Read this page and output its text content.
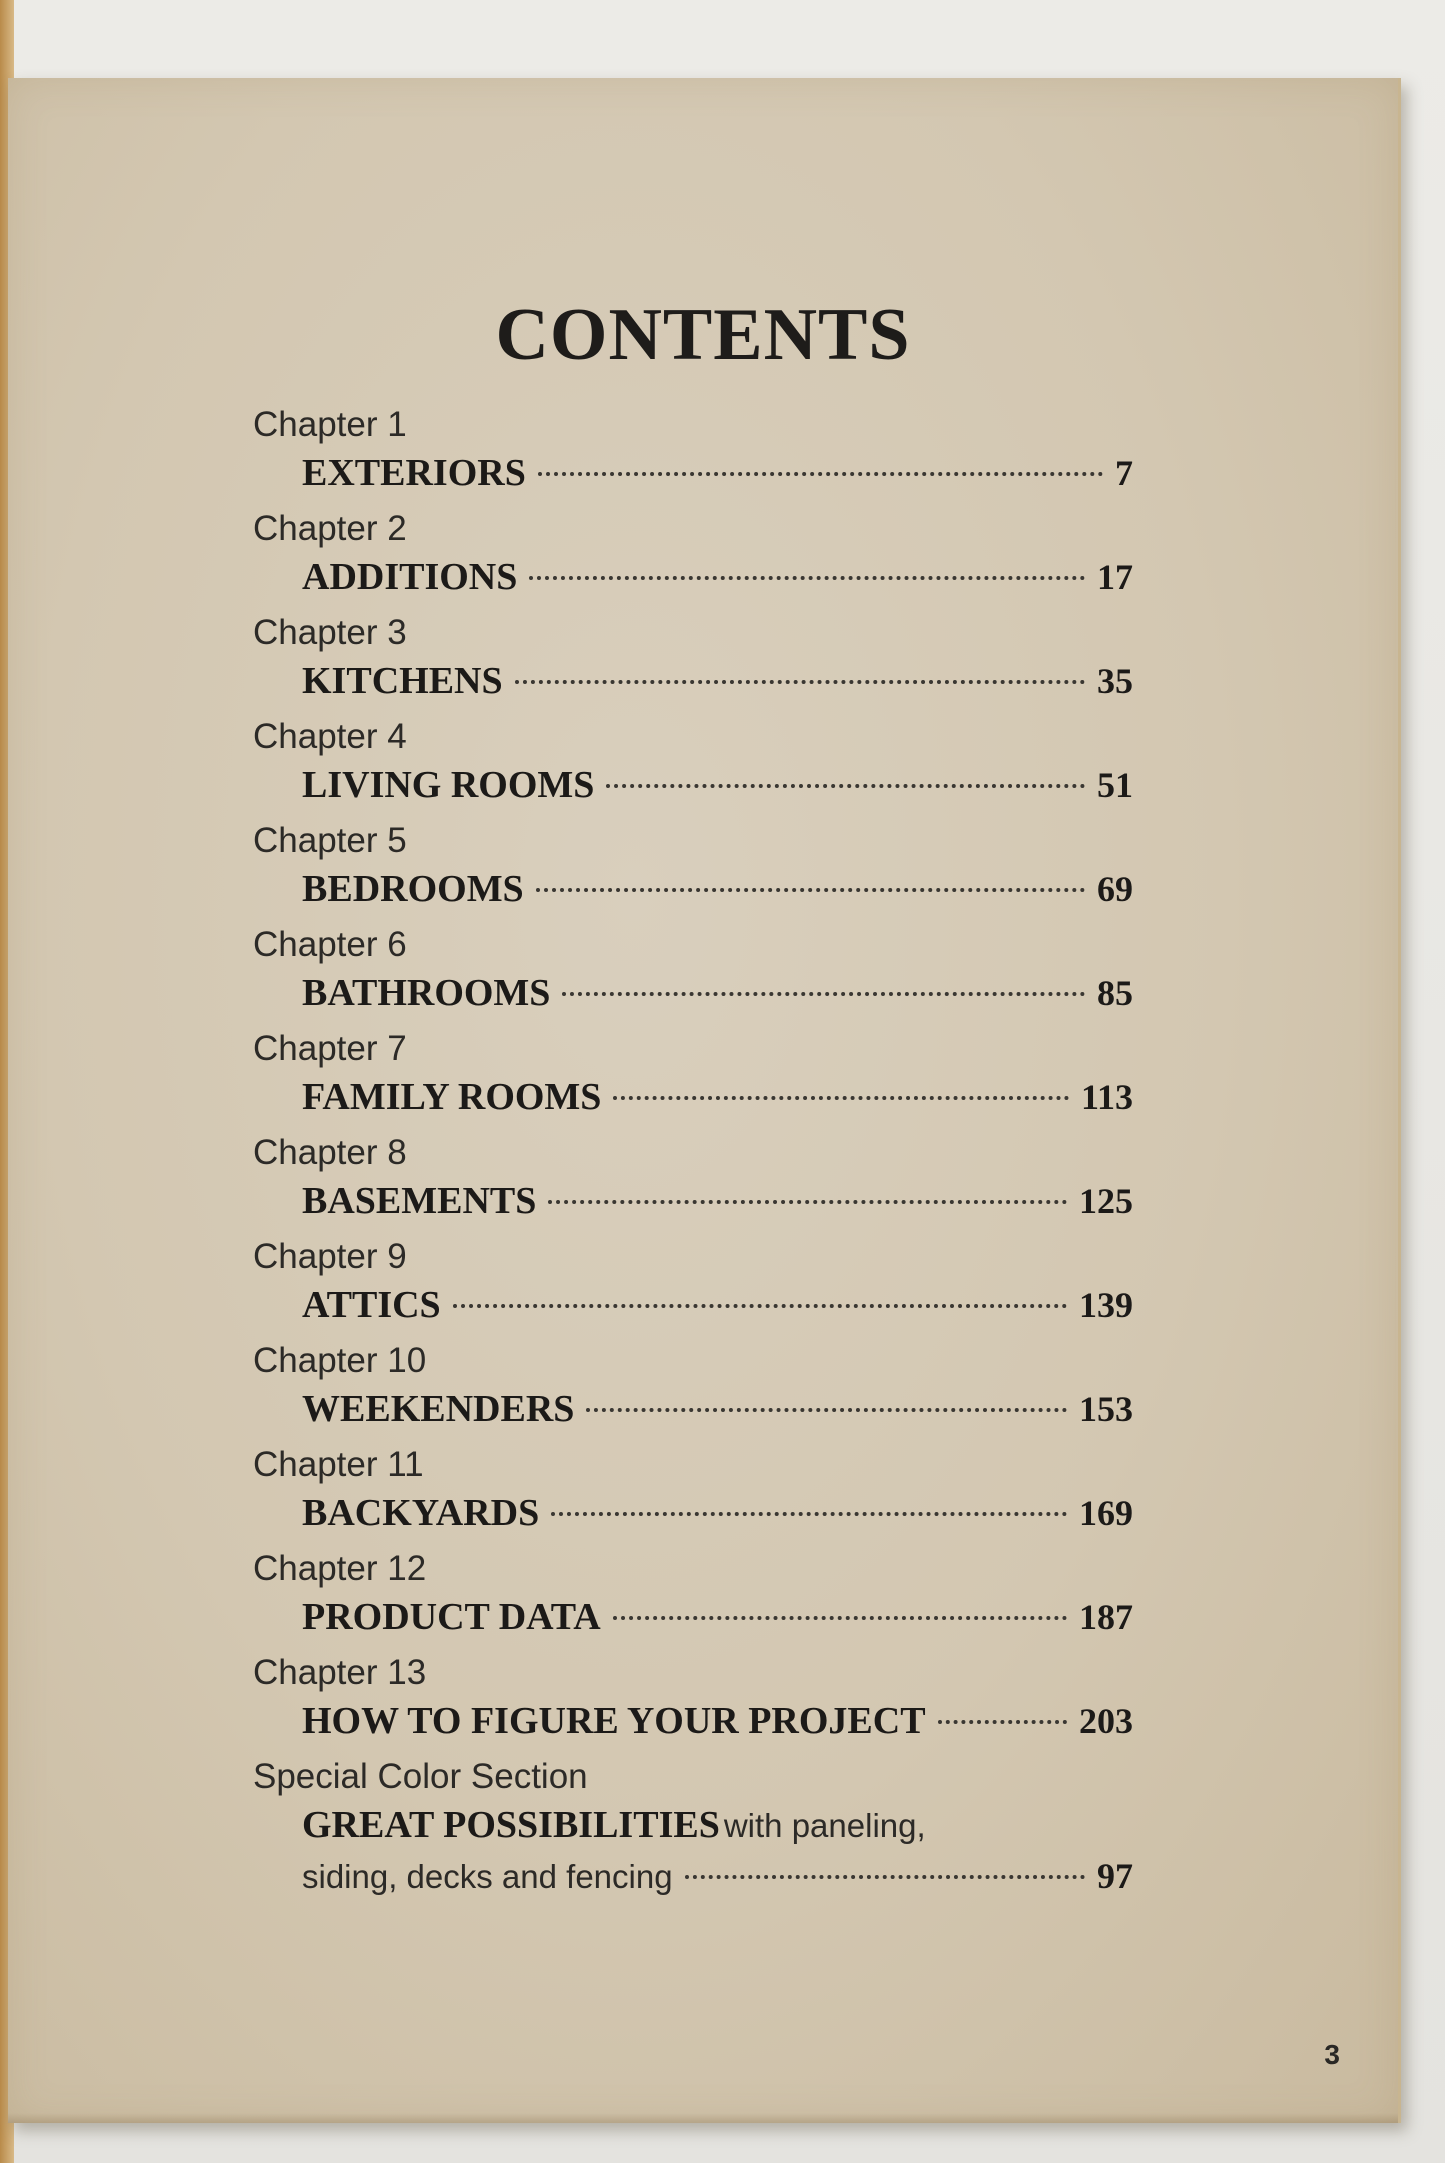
CONTENTS
Chapter 1
EXTERIORS	7
Chapter 2
ADDITIONS	17
Chapter 3
KITCHENS	35
Chapter 4
LIVING ROOMS	51
Chapter 5
BEDROOMS	69
Chapter 6
BATHROOMS	85
Chapter 7
FAMILY ROOMS	113
Chapter 8
BASEMENTS	125
Chapter 9
ATTICS	139
Chapter 10
WEEKENDERS	153
Chapter 11
BACKYARDS	169
Chapter 12
PRODUCT DATA	187
Chapter 13
HOW TO FIGURE YOUR PROJECT	203
Special Color Section
GREAT POSSIBILITIES with paneling,
siding, decks and fencing	97
3
